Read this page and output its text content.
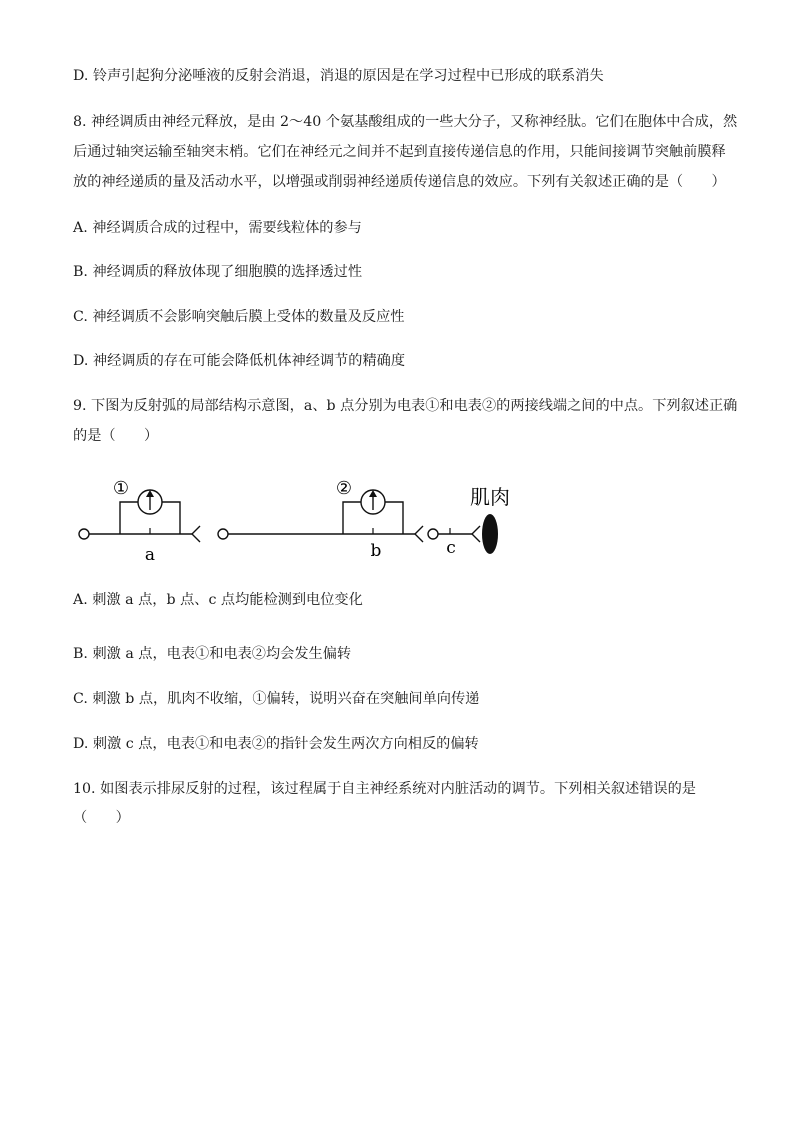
D. 铃声引起狗分泌唾液的反射会消退，消退的原因是在学习过程中已形成的联系消失
8. 神经调质由神经元释放，是由 2～40 个氨基酸组成的一些大分子，又称神经肽。它们在胞体中合成，然
后通过轴突运输至轴突末梢。它们在神经元之间并不起到直接传递信息的作用，只能间接调节突触前膜释
放的神经递质的量及活动水平，以增强或削弱神经递质传递信息的效应。下列有关叙述正确的是（　　）
A. 神经调质合成的过程中，需要线粒体的参与
B. 神经调质的释放体现了细胞膜的选择透过性
C. 神经调质不会影响突触后膜上受体的数量及反应性
D. 神经调质的存在可能会降低机体神经调节的精确度
9. 下图为反射弧的局部结构示意图，a、b 点分别为电表①和电表②的两接线端之间的中点。下列叙述正确
的是（　　）
①
a
②
b	c
肌肉
A. 刺激 a 点，b 点、c 点均能检测到电位变化
B. 刺激 a 点，电表①和电表②均会发生偏转
C. 刺激 b 点，肌肉不收缩，①偏转，说明兴奋在突触间单向传递
D. 刺激 c 点，电表①和电表②的指针会发生两次方向相反的偏转
10. 如图表示排尿反射的过程，该过程属于自主神经系统对内脏活动的调节。下列相关叙述错误的是
（　　）
